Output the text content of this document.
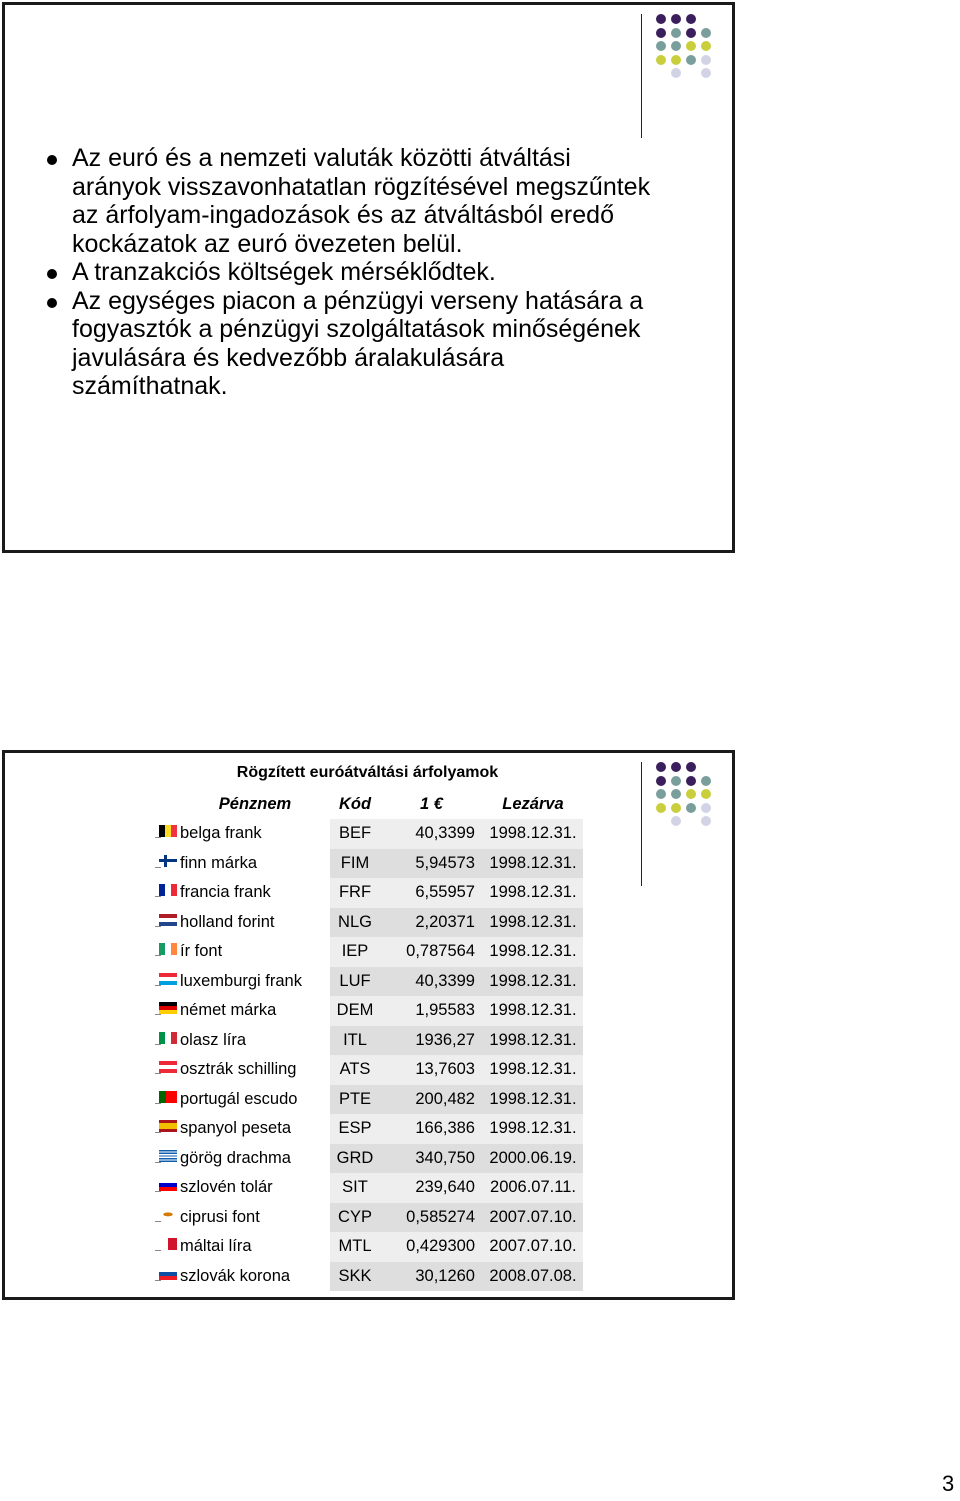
Az euró és a nemzeti valuták közötti átváltási
arányok visszavonhatatlan rögzítésével megszűntek
az árfolyam-ingadozások és az átváltásból eredő
kockázatok az euró övezeten belül.
A tranzakciós költségek mérséklődtek.
Az egységes piacon a pénzügyi verseny hatására a
fogyasztók a pénzügyi szolgáltatások minőségének
javulására és kedvezőbb áralakulására
számíthatnak.
Rögzített euróátváltási árfolyamok
	Pénznem	Kód	1 €	Lezárva

	belga frank	BEF	40,3399	1998.12.31.

	finn márka	FIM	5,94573	1998.12.31.

	francia frank	FRF	6,55957	1998.12.31.

	holland forint	NLG	2,20371	1998.12.31.

	ír font	IEP	0,787564	1998.12.31.

	luxemburgi frank	LUF	40,3399	1998.12.31.

	német márka	DEM	1,95583	1998.12.31.

	olasz líra	ITL	1936,27	1998.12.31.

	osztrák schilling	ATS	13,7603	1998.12.31.

	portugál escudo	PTE	200,482	1998.12.31.

	spanyol peseta	ESP	166,386	1998.12.31.

	görög drachma	GRD	340,750	2000.06.19.

	szlovén tolár	SIT	239,640	2006.07.11.

	ciprusi font	CYP	0,585274	2007.07.10.

	máltai líra	MTL	0,429300	2007.07.10.

	szlovák korona	SKK	30,1260	2008.07.08.
3
